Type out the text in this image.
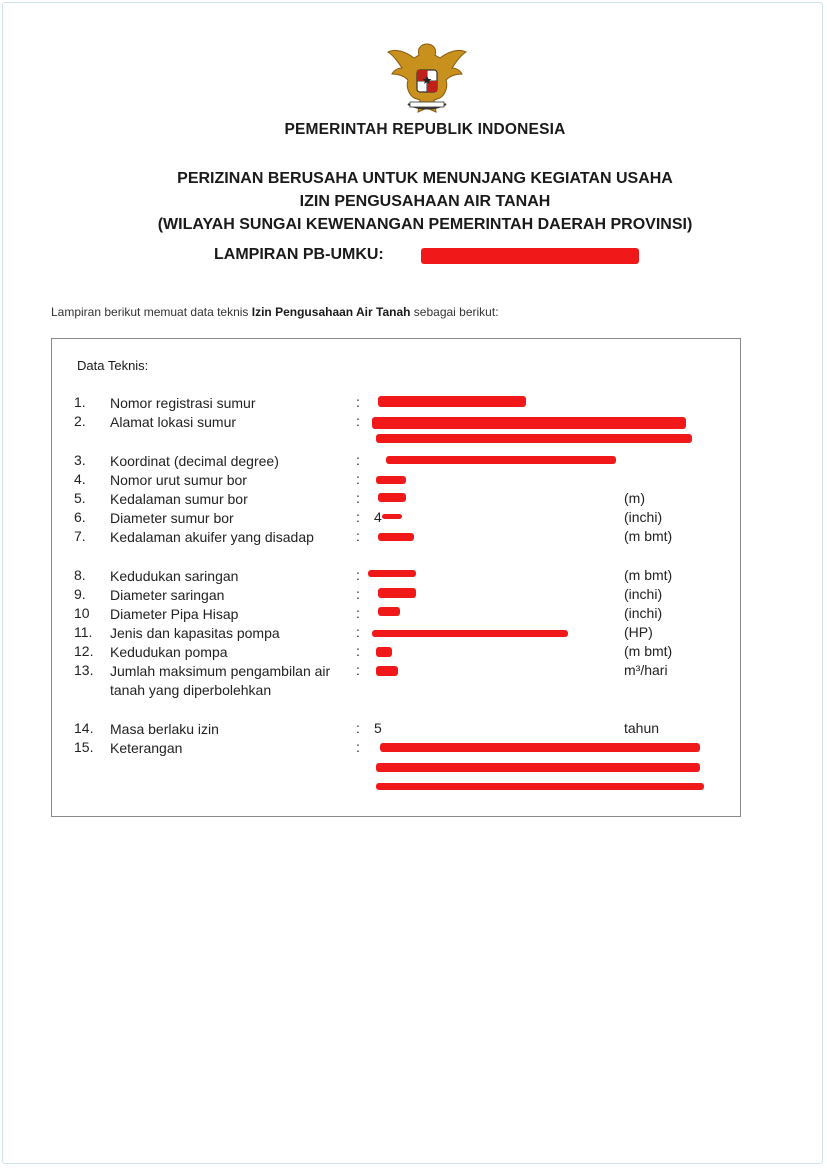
PEMERINTAH REPUBLIK INDONESIA
PERIZINAN BERUSAHA UNTUK MENUNJANG KEGIATAN USAHA
IZIN PENGUSAHAAN AIR TANAH
(WILAYAH SUNGAI KEWENANGAN PEMERINTAH DAERAH PROVINSI)
LAMPIRAN PB-UMKU:
Lampiran berikut memuat data teknis Izin Pengusahaan Air Tanah sebagai berikut:
Data Teknis:
1. Nomor registrasi sumur	:
2. Alamat lokasi sumur	:
3. Koordinat (decimal degree)	:
4. Nomor urut sumur bor	:
5. Kedalaman sumur bor	:	(m)
6. Diameter sumur bor	: 4	(inchi)
7. Kedalaman akuifer yang disadap	:	(m bmt)
8. Kedudukan saringan	:	(m bmt)
9. Diameter saringan	:	(inchi)
10 Diameter Pipa Hisap	:	(inchi)
11. Jenis dan kapasitas pompa	:	(HP)
12. Kedudukan pompa	:	(m bmt)
13. Jumlah maksimum pengambilan air tanah yang diperbolehkan
:	m³/hari
14. Masa berlaku izin	: 5	tahun
15. Keterangan	:
